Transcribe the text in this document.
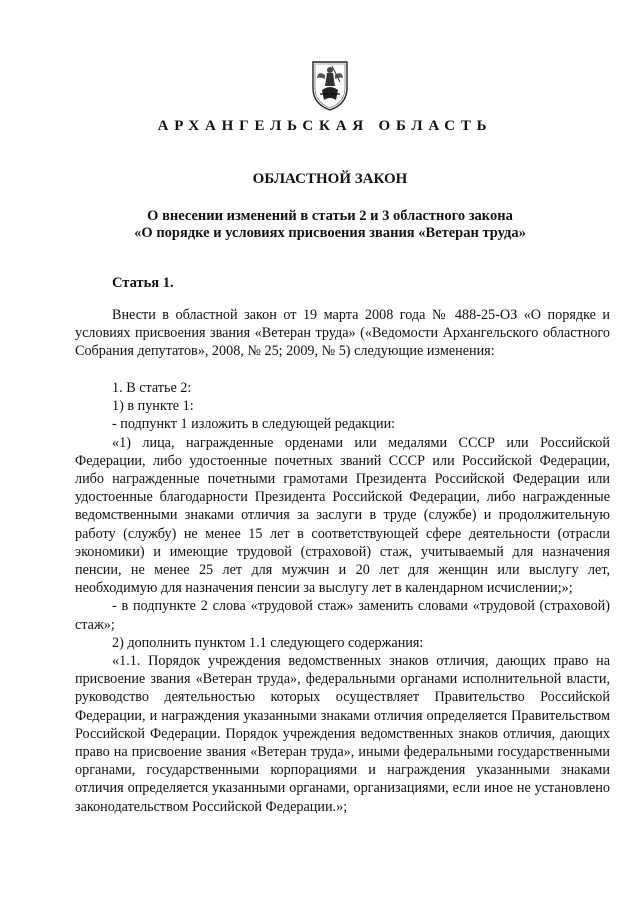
АРХАНГЕЛЬСКАЯ ОБЛАСТЬ
ОБЛАСТНОЙ ЗАКОН
О внесении изменений в статьи 2 и 3 областного закона
«О порядке и условиях присвоения звания «Ветеран труда»
Статья 1.

Внести в областной закон от 19 марта 2008 года № 488-25-ОЗ «О порядке и условиях присвоения звания «Ветеран труда» («Ведомости Архангельского областного Собрания депутатов», 2008, № 25; 2009, № 5) следующие изменения:

1. В статье 2:

1) в пункте 1:

- подпункт 1 изложить в следующей редакции:

«1) лица, награжденные орденами или медалями СССР или Российской Федерации, либо удостоенные почетных званий СССР или Российской Федерации, либо награжденные почетными грамотами Президента Российской Федерации или удостоенные благодарности Президента Российской Федерации, либо награжденные ведомственными знаками отличия за заслуги в труде (службе) и продолжительную работу (службу) не менее 15 лет в соответствующей сфере деятельности (отрасли экономики) и имеющие трудовой (страховой) стаж, учитываемый для назначения пенсии, не менее 25 лет для мужчин и 20 лет для женщин или выслугу лет, необходимую для назначения пенсии за выслугу лет в календарном исчислении;»;

- в подпункте 2 слова «трудовой стаж» заменить словами «трудовой (страховой) стаж»;

2) дополнить пунктом 1.1 следующего содержания:

«1.1. Порядок учреждения ведомственных знаков отличия, дающих право на присвоение звания «Ветеран труда», федеральными органами исполнительной власти, руководство деятельностью которых осуществляет Правительство Российской Федерации, и награждения указанными знаками отличия определяется Правительством Российской Федерации. Порядок учреждения ведомственных знаков отличия, дающих право на присвоение звания «Ветеран труда», иными федеральными государственными органами, государственными корпорациями и награждения указанными знаками отличия определяется указанными органами, организациями, если иное не установлено законодательством Российской Федерации.»;
